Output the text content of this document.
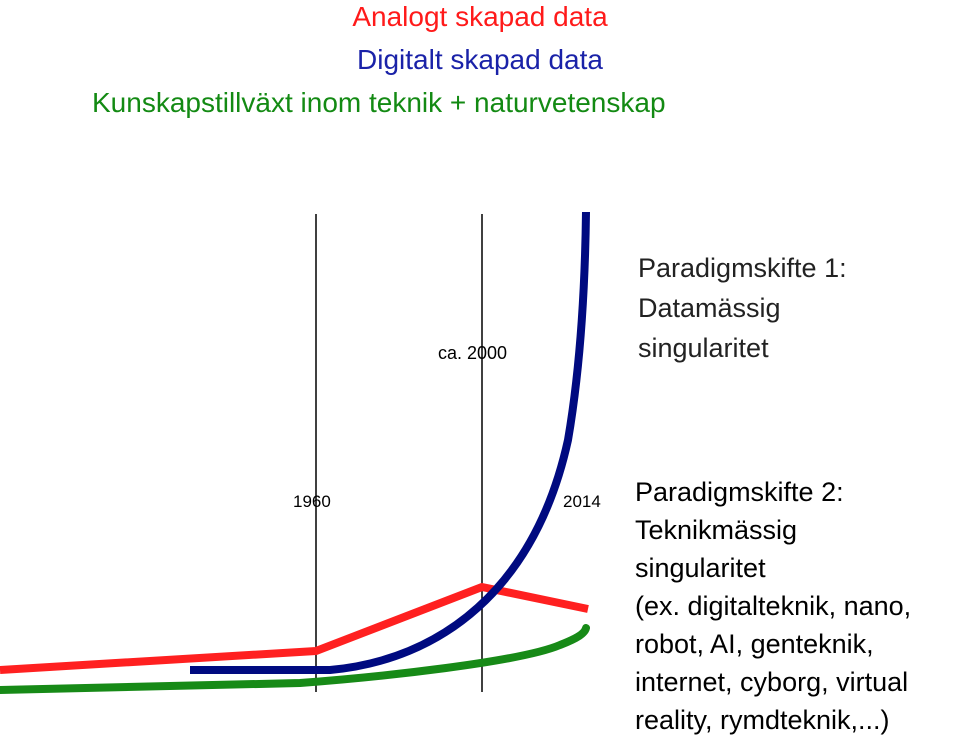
Analogt skapad data
Digitalt skapad data
Kunskapstillväxt inom teknik + naturvetenskap
ca. 2000
1960	2014
Paradigmskifte 1:
Datamässig
singularitet
Paradigmskifte 2:
Teknikmässig
singularitet
(ex. digitalteknik, nano,
robot, AI, genteknik,
internet, cyborg, virtual
reality, rymdteknik,...)
